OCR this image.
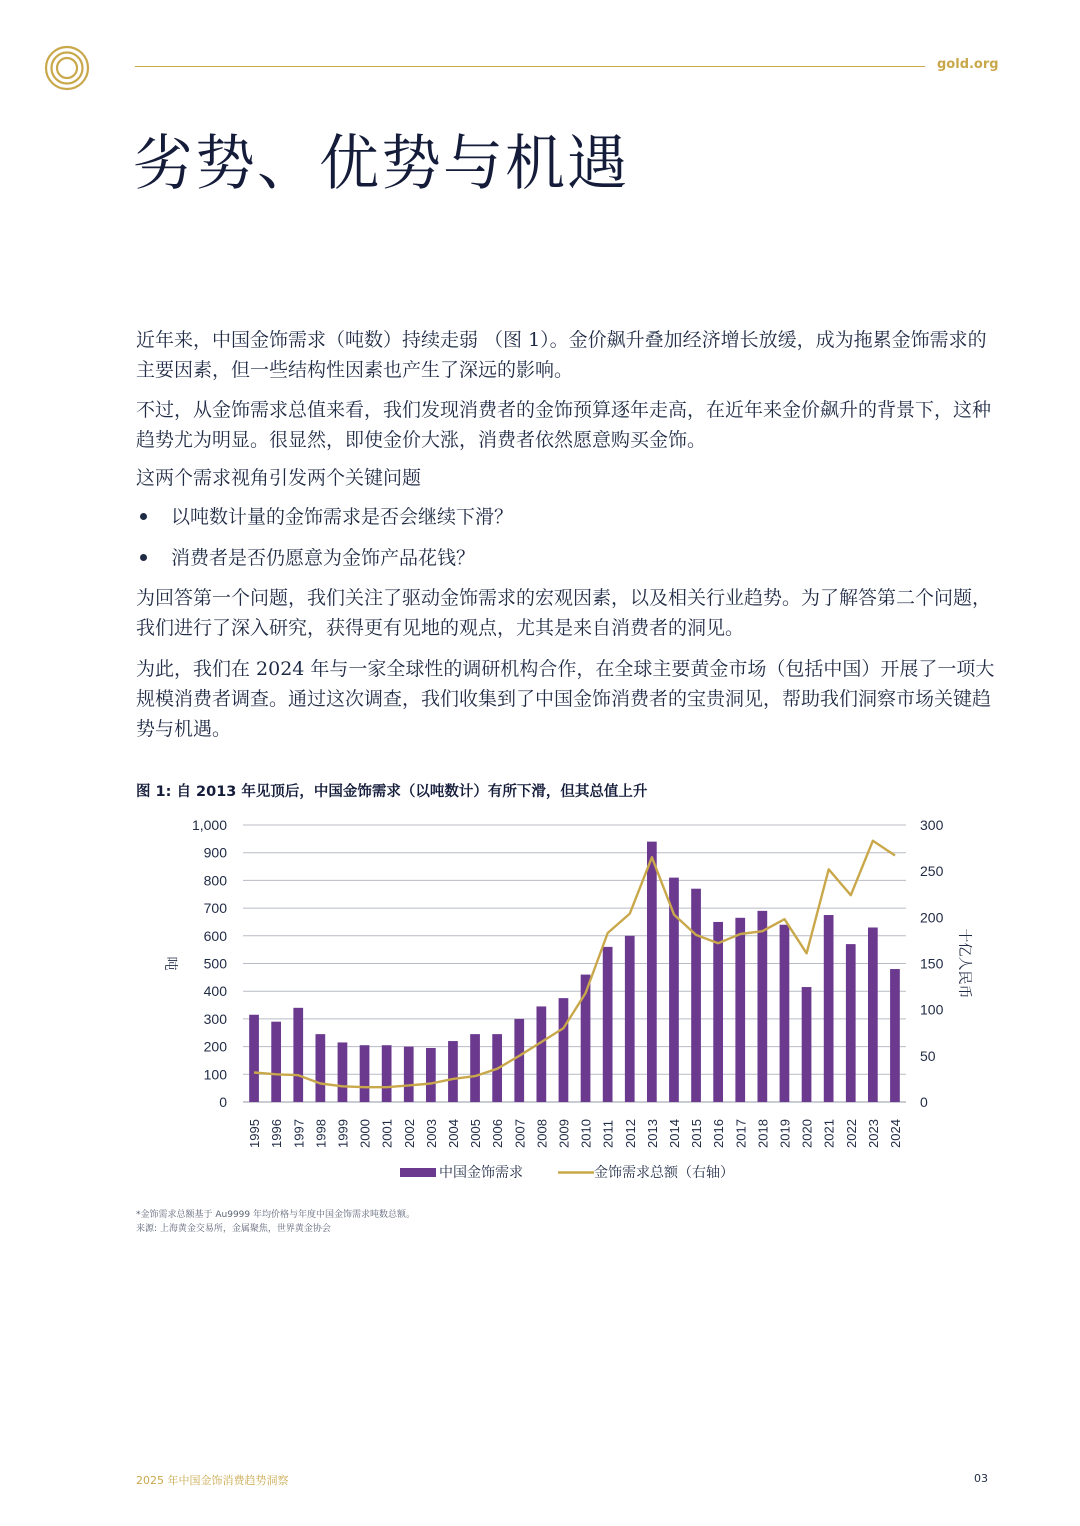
gold.org
劣势、优势与机遇

近年来，中国金饰需求（吨数）持续走弱 （图 1）。金价飙升叠加经济增长放缓，成为拖累金饰需求的主要因素，但一些结构性因素也产生了深远的影响。

不过，从金饰需求总值来看，我们发现消费者的金饰预算逐年走高，在近年来金价飙升的背景下，这种趋势尤为明显。很显然，即使金价大涨，消费者依然愿意购买金饰。

这两个需求视角引发两个关键问题

以吨数计量的金饰需求是否会继续下滑？
消费者是否仍愿意为金饰产品花钱？

为回答第一个问题，我们关注了驱动金饰需求的宏观因素，以及相关行业趋势。为了解答第二个问题，我们进行了深入研究，获得更有见地的观点，尤其是来自消费者的洞见。

为此，我们在 2024 年与一家全球性的调研机构合作，在全球主要黄金市场（包括中国）开展了一项大规模消费者调查。通过这次调查，我们收集到了中国金饰消费者的宝贵洞见，帮助我们洞察市场关键趋势与机遇。

图 1: 自 2013 年见顶后，中国金饰需求（以吨数计）有所下滑，但其总值上升
0
100
200
300
400
500
600
700
800
900
1,000
0
50
100
150
200
250
300
吨	十亿人民币
1995 1996 1997 1998 1999 2000 2001 2002 2003 2004 2005 2006 2007 2008 2009 2010 2011 2012 2013 2014 2015 2016 2017 2018 2019 2020 2021 2022 2023 2024
中国金饰需求	金饰需求总额（右轴）
*金饰需求总额基于 Au9999 年均价格与年度中国金饰需求吨数总额。
来源: 上海黄金交易所，金属聚焦，世界黄金协会
2025 年中国金饰消费趋势洞察	03
